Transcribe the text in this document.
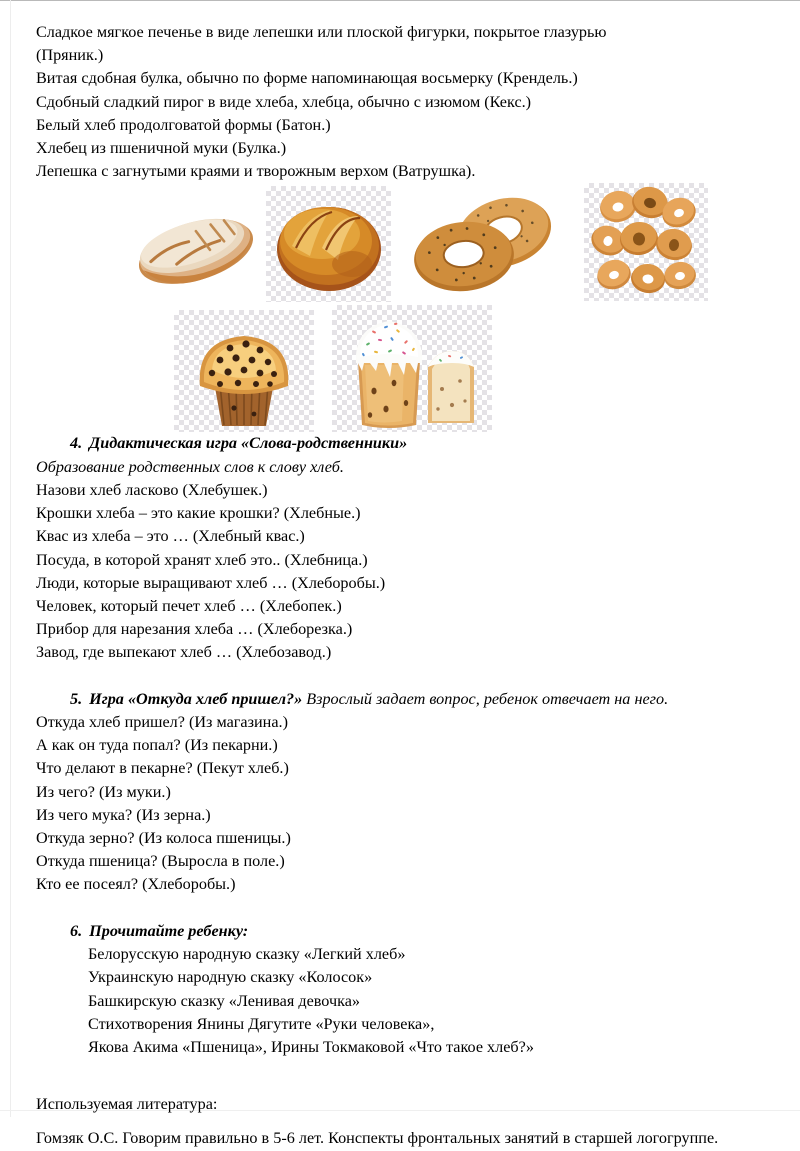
Сладкое мягкое печенье в виде лепешки или плоской фигурки, покрытое глазурью

(Пряник.)

Витая сдобная булка, обычно по форме напоминающая восьмерку (Крендель.)

Сдобный сладкий пирог в виде хлеба, хлебца, обычно с изюмом (Кекс.)

Белый хлеб продолговатой формы (Батон.)

Хлебец из пшеничной муки (Булка.)

Лепешка с загнутыми краями и творожным верхом (Ватрушка).

4. Дидактическая игра «Слова-родственники»

Образование родственных слов к слову хлеб.

Назови хлеб ласково (Хлебушек.)

Крошки хлеба – это какие крошки? (Хлебные.)

Квас из хлеба – это … (Хлебный квас.)

Посуда, в которой хранят хлеб это.. (Хлебница.)

Люди, которые выращивают хлеб … (Хлеборобы.)

Человек, который печет хлеб … (Хлебопек.)

Прибор для нарезания хлеба … (Хлеборезка.)

Завод, где выпекают хлеб … (Хлебозавод.)

5. Игра «Откуда хлеб пришел?» Взрослый задает вопрос, ребенок отвечает на него.

Откуда хлеб пришел? (Из магазина.)

А как он туда попал? (Из пекарни.)

Что делают в пекарне? (Пекут хлеб.)

Из чего? (Из муки.)

Из чего мука? (Из зерна.)

Откуда зерно? (Из колоса пшеницы.)

Откуда пшеница? (Выросла в поле.)

Кто ее посеял? (Хлеборобы.)

6. Прочитайте ребенку:

Белорусскую народную сказку «Легкий хлеб»

Украинскую народную сказку «Колосок»

Башкирскую сказку «Ленивая девочка»

Стихотворения Янины Дягутите «Руки человека»,

Якова Акима «Пшеница», Ирины Токмаковой «Что такое хлеб?»

Используемая литература:

Гомзяк О.С. Говорим правильно в 5-6 лет. Конспекты фронтальных занятий в старшей логогруппе.
